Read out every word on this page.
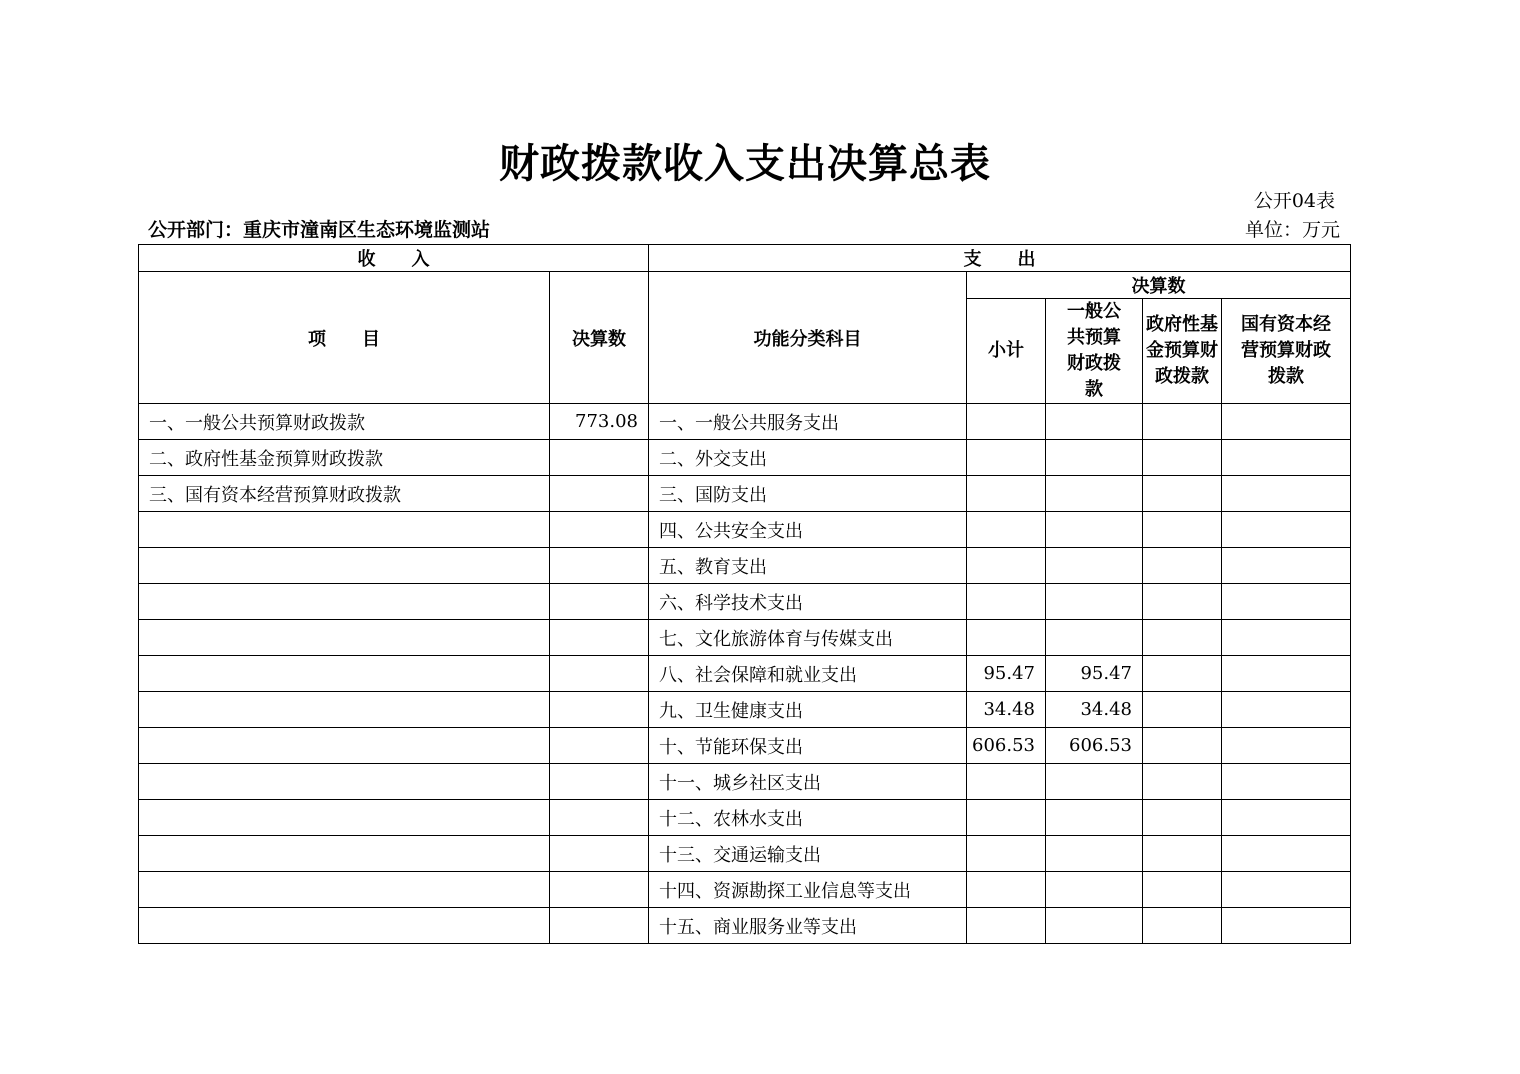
财政拨款收入支出决算总表
公开04表
公开部门：重庆市潼南区生态环境监测站	单位：万元
收　　入		支　　出				
项　　目	决算数	功能分类科目	决算数			
			小计	一般公共预算财政拨款	政府性基金预算财政拨款	国有资本经营预算财政拨款
一、一般公共预算财政拨款	773.08	一、一般公共服务支出				
二、政府性基金预算财政拨款		二、外交支出				
三、国有资本经营预算财政拨款		三、国防支出				
		四、公共安全支出				
		五、教育支出				
		六、科学技术支出				
		七、文化旅游体育与传媒支出				
		八、社会保障和就业支出	95.47	95.47		
		九、卫生健康支出	34.48	34.48		
		十、节能环保支出	606.53	606.53		
		十一、城乡社区支出				
		十二、农林水支出				
		十三、交通运输支出				
		十四、资源勘探工业信息等支出				
		十五、商业服务业等支出				
